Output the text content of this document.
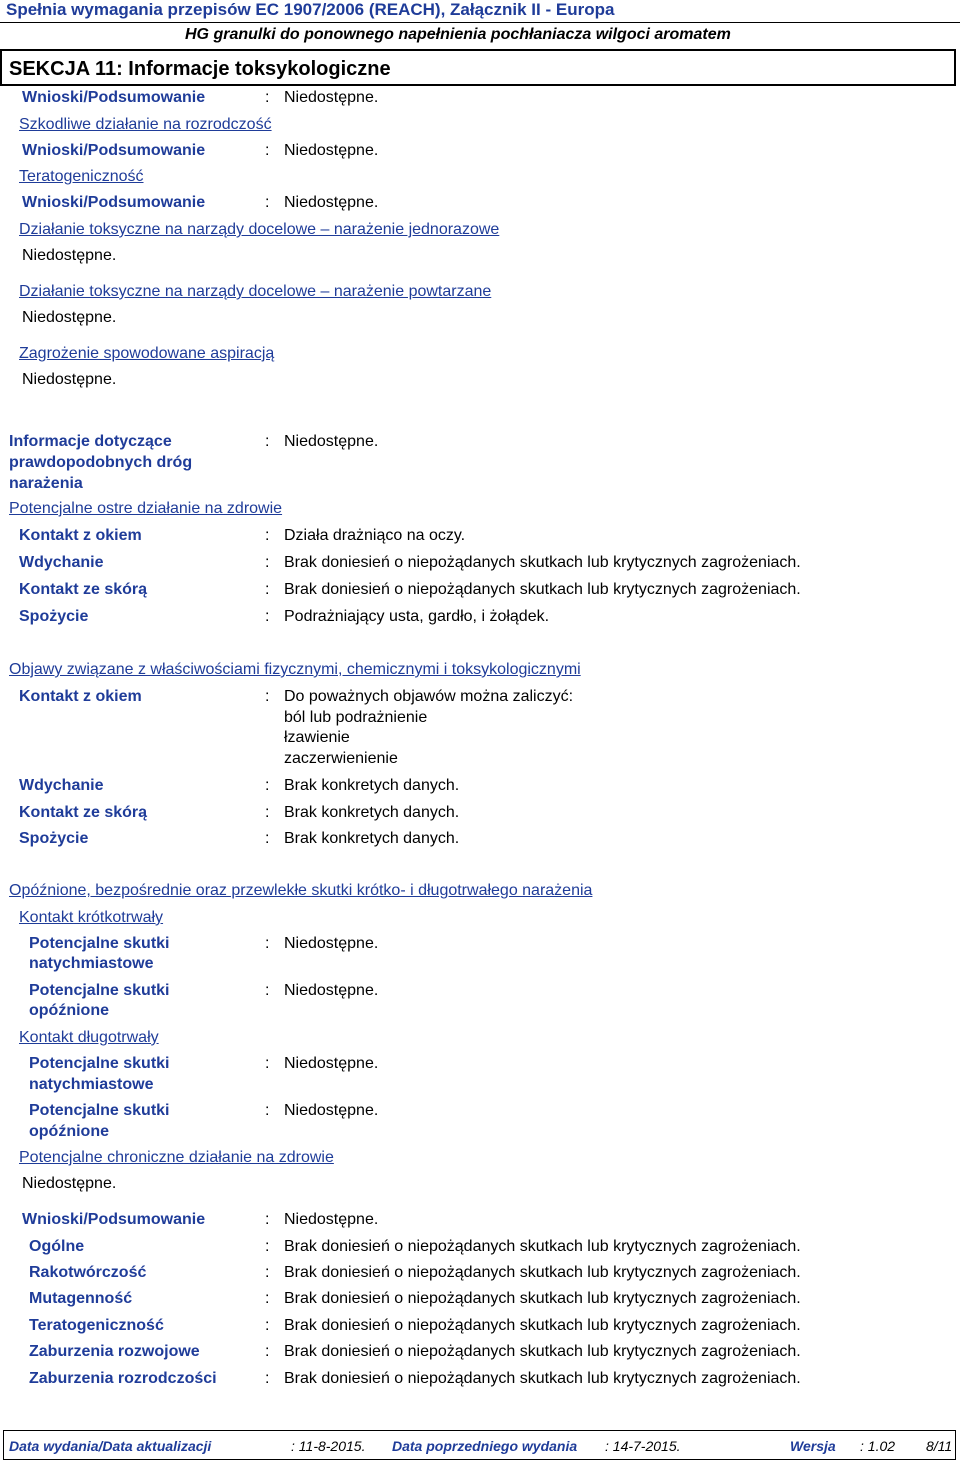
Spełnia wymagania przepisów EC 1907/2006 (REACH), Załącznik II - Europa
HG granulki do ponownego napełnienia pochłaniacza wilgoci aromatem
SEKCJA 11: Informacje toksykologiczne
Wnioski/Podsumowanie	: Niedostępne.
Szkodliwe działanie na rozrodczość
Wnioski/Podsumowanie	: Niedostępne.
Teratogeniczność
Wnioski/Podsumowanie	: Niedostępne.
Działanie toksyczne na narządy docelowe – narażenie jednorazowe
Niedostępne.
Działanie toksyczne na narządy docelowe – narażenie powtarzane
Niedostępne.
Zagrożenie spowodowane aspiracją
Niedostępne.
Informacje dotyczące prawdopodobnych dróg narażenia
: Niedostępne.
Potencjalne ostre działanie na zdrowie
Kontakt z okiem	: Działa drażniąco na oczy.
Wdychanie	: Brak doniesień o niepożądanych skutkach lub krytycznych zagrożeniach.
Kontakt ze skórą	: Brak doniesień o niepożądanych skutkach lub krytycznych zagrożeniach.
Spożycie	: Podrażniający usta, gardło, i żołądek.
Objawy związane z właściwościami fizycznymi, chemicznymi i toksykologicznymi
Kontakt z okiem	: Do poważnych objawów można zaliczyć:
ból lub podrażnienie
łzawienie
zaczerwienienie
Wdychanie	: Brak konkretych danych.
Kontakt ze skórą	: Brak konkretych danych.
Spożycie	: Brak konkretych danych.
Opóźnione, bezpośrednie oraz przewlekłe skutki krótko- i długotrwałego narażenia
Kontakt krótkotrwały
Potencjalne skutki
natychmiastowe
: Niedostępne.
Potencjalne skutki
opóźnione
: Niedostępne.
Kontakt długotrwały
Potencjalne skutki
natychmiastowe
: Niedostępne.
Potencjalne skutki
opóźnione
: Niedostępne.
Potencjalne chroniczne działanie na zdrowie
Niedostępne.
Wnioski/Podsumowanie	: Niedostępne.
Ogólne	: Brak doniesień o niepożądanych skutkach lub krytycznych zagrożeniach.
Rakotwórczość	: Brak doniesień o niepożądanych skutkach lub krytycznych zagrożeniach.
Mutagenność	: Brak doniesień o niepożądanych skutkach lub krytycznych zagrożeniach.
Teratogeniczność	: Brak doniesień o niepożądanych skutkach lub krytycznych zagrożeniach.
Zaburzenia rozwojowe	: Brak doniesień o niepożądanych skutkach lub krytycznych zagrożeniach.
Zaburzenia rozrodczości	: Brak doniesień o niepożądanych skutkach lub krytycznych zagrożeniach.
Data wydania/Data aktualizacji	: 11-8-2015. Data poprzedniego wydania : 14-7-2015.	Wersja : 1.02 8/11
